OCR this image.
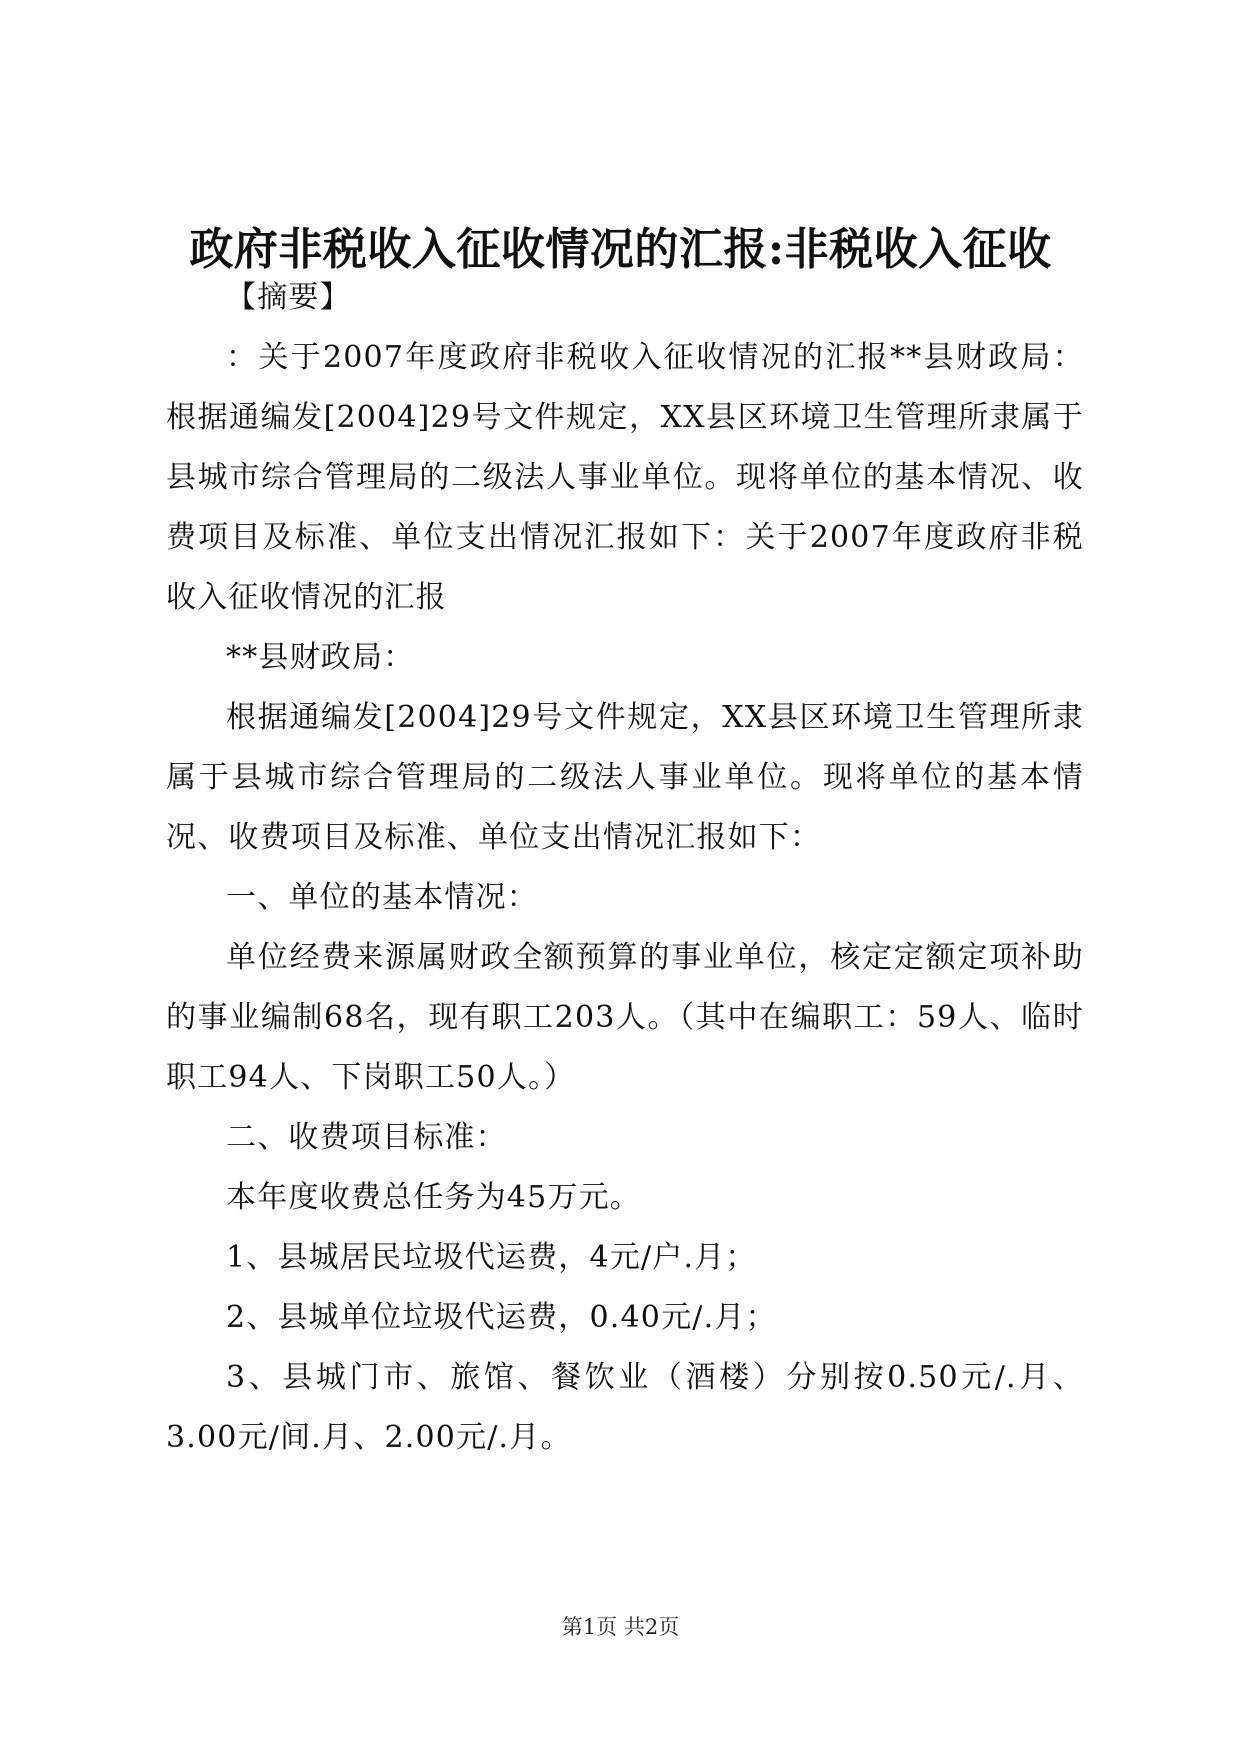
政府非税收入征收情况的汇报:非税收入征收

【摘要】

：关于2007年度政府非税收入征收情况的汇报**县财政局：根据通编发[2004]29号文件规定，XX县区环境卫生管理所隶属于县城市综合管理局的二级法人事业单位。现将单位的基本情况、收费项目及标准、单位支出情况汇报如下：关于2007年度政府非税收入征收情况的汇报

**县财政局：

根据通编发[2004]29号文件规定，XX县区环境卫生管理所隶属于县城市综合管理局的二级法人事业单位。现将单位的基本情况、收费项目及标准、单位支出情况汇报如下：

一、单位的基本情况：

单位经费来源属财政全额预算的事业单位，核定定额定项补助的事业编制68名，现有职工203人。（其中在编职工：59人、临时职工94人、下岗职工50人。）

二、收费项目标准：

本年度收费总任务为45万元。

1、县城居民垃圾代运费，4元/户.月；

2、县城单位垃圾代运费，0.40元/.月；

3、县城门市、旅馆、餐饮业（酒楼）分别按0.50元/.月、3.00元/间.月、2.00元/.月。

第1页 共2页
